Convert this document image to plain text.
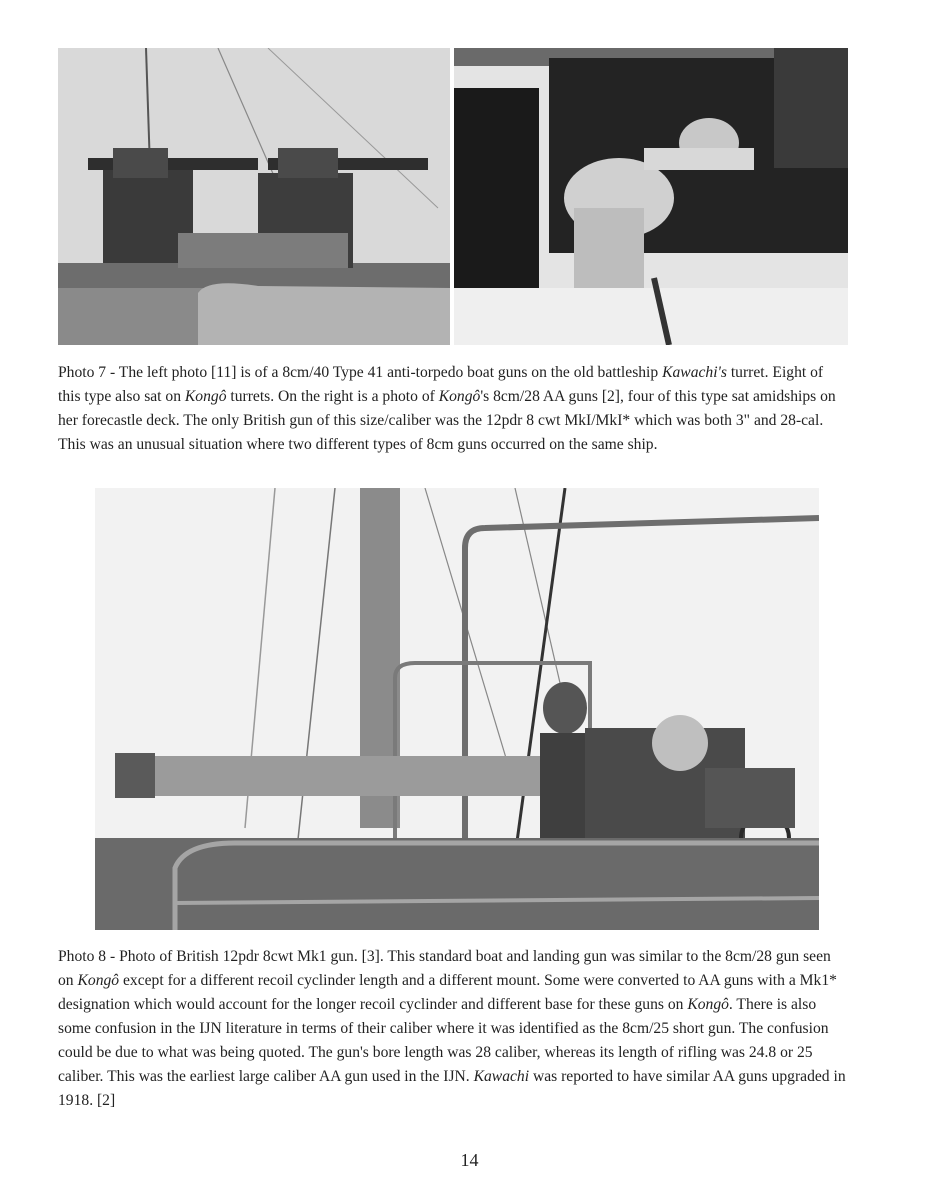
Photo 7 - The left photo [11] is of a 8cm/40 Type 41 anti-torpedo boat guns on the old battleship Kawachi's turret. Eight of this type also sat on Kongô turrets. On the right is a photo of Kongô's 8cm/28 AA guns [2], four of this type sat amidships on her forecastle deck. The only British gun of this size/caliber was the 12pdr 8 cwt MkI/MkI* which was both 3" and 28-cal. This was an unusual situation where two different types of 8cm guns occurred on the same ship.
Photo 8 - Photo of British 12pdr 8cwt Mk1 gun. [3]. This standard boat and landing gun was similar to the 8cm/28 gun seen on Kongô except for a different recoil cyclinder length and a different mount. Some were converted to AA guns with a Mk1* designation which would account for the longer recoil cyclinder and different base for these guns on Kongô. There is also some confusion in the IJN literature in terms of their caliber where it was identified as the 8cm/25 short gun. The confusion could be due to what was being quoted. The gun's bore length was 28 caliber, whereas its length of rifling was 24.8 or 25 caliber. This was the earliest large caliber AA gun used in the IJN. Kawachi was reported to have similar AA guns upgraded in 1918. [2]
14
